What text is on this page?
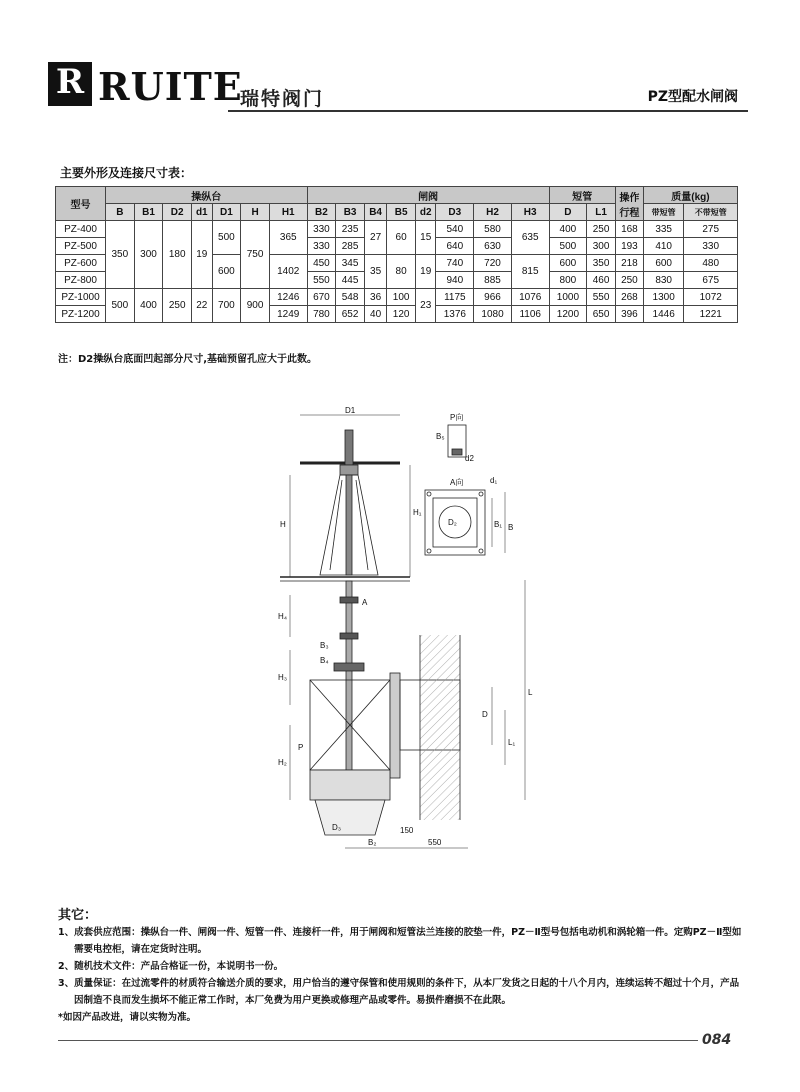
R
瑞特
RUITE
瑞特阀门	PZ型配水闸阀
主要外形及连接尺寸表：
型号	操纵台							闸阀								短管		操作行程	质量(kg)	
	B	B1	D2	d1	D1	H	H1	B2	B3	B4	B5	d2	D3	H2	H3	D	L1		带短管	不带短管
PZ-400	350	300	180	19	500	750	365	330	235	27	60	15	540	580	635	400	250	168	335	275
PZ-500								330	285				640	630		500	300	193	410	330
PZ-600					600		1402	450	345	35	80	19	740	720	815	600	350	218	600	480
PZ-800								550	445				940	885		800	460	250	830	675
PZ-1000	500	400	250	22	700	900	1246	670	548	36	100	23	1175	966	1076	1000	550	268	1300	1072
PZ-1200							1249	780	652	40	120		1376	1080	1106	1200	650	396	1446	1221
注：D2操纵台底面凹起部分尺寸,基础预留孔应大于此数。
D1
H
H₁
P向
B₅
d2
A向	d₁
D₂	B₁ B
A
H₄
B₃
B₄
H₃
P
H₂
D
L₁
L
D₃
B₂
150
550
其它：
1、成套供应范围：操纵台一件、闸阀一件、短管一件、连接杆一件，用于闸阀和短管法兰连接的胶垫一件，PZ－Ⅱ型号包括电动机和涡轮箱一件。定购PZ－Ⅱ型如需要电控柜，请在定货时注明。
2、随机技术文件：产品合格证一份，本说明书一份。
3、质量保证：在过流零件的材质符合输送介质的要求，用户恰当的遵守保管和使用规则的条件下，从本厂发货之日起的十八个月内，连续运转不超过十个月，产品因制造不良而发生损坏不能正常工作时，本厂免费为用户更换或修理产品或零件。易损件磨损不在此限。
*如因产品改进，请以实物为准。
084
